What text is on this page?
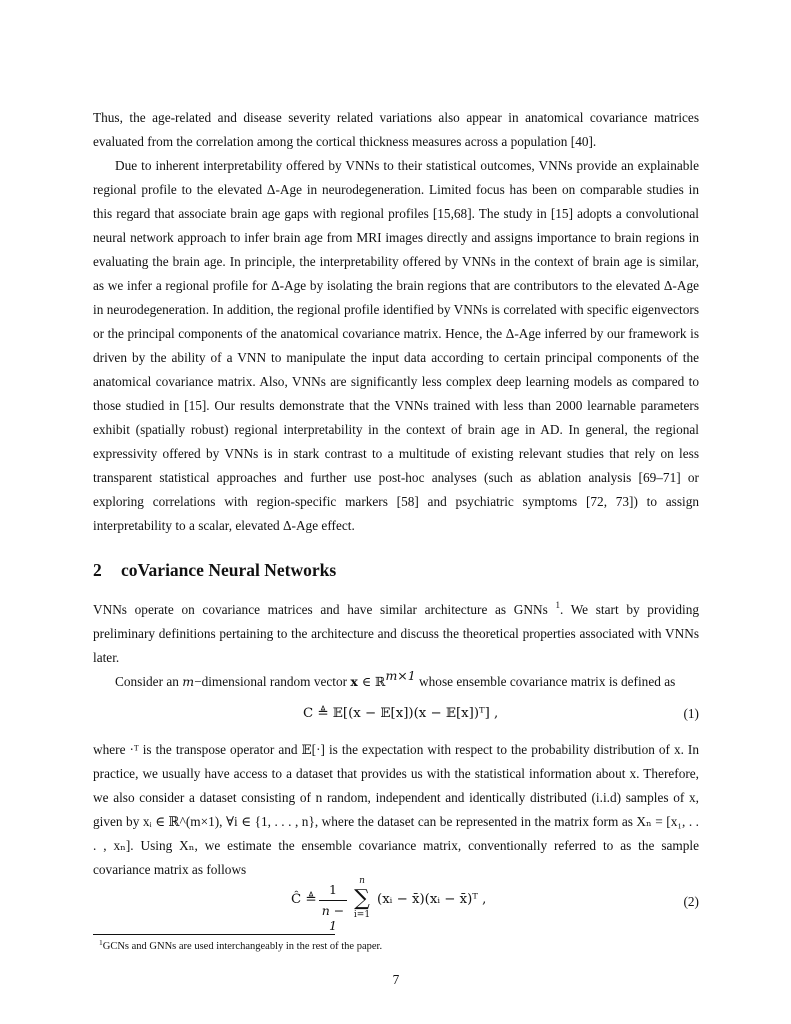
Thus, the age-related and disease severity related variations also appear in anatomical covariance matrices evaluated from the correlation among the cortical thickness measures across a population [40].

Due to inherent interpretability offered by VNNs to their statistical outcomes, VNNs provide an explainable regional profile to the elevated Δ-Age in neurodegeneration. Limited focus has been on comparable studies in this regard that associate brain age gaps with regional profiles [15,68]. The study in [15] adopts a convolutional neural network approach to infer brain age from MRI images directly and assigns importance to brain regions in evaluating the brain age. In principle, the interpretability offered by VNNs in the context of brain age is similar, as we infer a regional profile for Δ-Age by isolating the brain regions that are contributors to the elevated Δ-Age in neurodegeneration. In addition, the regional profile identified by VNNs is correlated with specific eigenvectors or the principal components of the anatomical covariance matrix. Hence, the Δ-Age inferred by our framework is driven by the ability of a VNN to manipulate the input data according to certain principal components of the anatomical covariance matrix. Also, VNNs are significantly less complex deep learning models as compared to those studied in [15]. Our results demonstrate that the VNNs trained with less than 2000 learnable parameters exhibit (spatially robust) regional interpretability in the context of brain age in AD. In general, the regional expressivity offered by VNNs is in stark contrast to a multitude of existing relevant studies that rely on less transparent statistical approaches and further use post-hoc analyses (such as ablation analysis [69–71] or exploring correlations with region-specific markers [58] and psychiatric symptoms [72, 73]) to assign interpretability to a scalar, elevated Δ-Age effect.

2 coVariance Neural Networks

VNNs operate on covariance matrices and have similar architecture as GNNs $^1$. We start by providing preliminary definitions pertaining to the architecture and discuss the theoretical properties associated with VNNs later.

Consider an m−dimensional random vector x ∈ ℝm×1 whose ensemble covariance matrix is defined as

C ≜ 𝔼[(x − 𝔼[x])(x − 𝔼[x])ᵀ] ,	(1)

where ·ᵀ is the transpose operator and 𝔼[·] is the expectation with respect to the probability distribution of x. In practice, we usually have access to a dataset that provides us with the statistical information about x. Therefore, we also consider a dataset consisting of n random, independent and identically distributed (i.i.d) samples of x, given by xᵢ ∈ ℝ^(m×1), ∀i ∈ {1, . . . , n}, where the dataset can be represented in the matrix form as Xₙ = [x₁, . . . , xₙ]. Using Xₙ, we estimate the ensemble covariance matrix, conventionally referred to as the sample covariance matrix as follows

Ĉ ≜
1
n − 1
n
∑
i=1
(xᵢ − x̄)(xᵢ − x̄)ᵀ ,	(2)
$^1$GCNs and GNNs are used interchangeably in the rest of the paper.
7
